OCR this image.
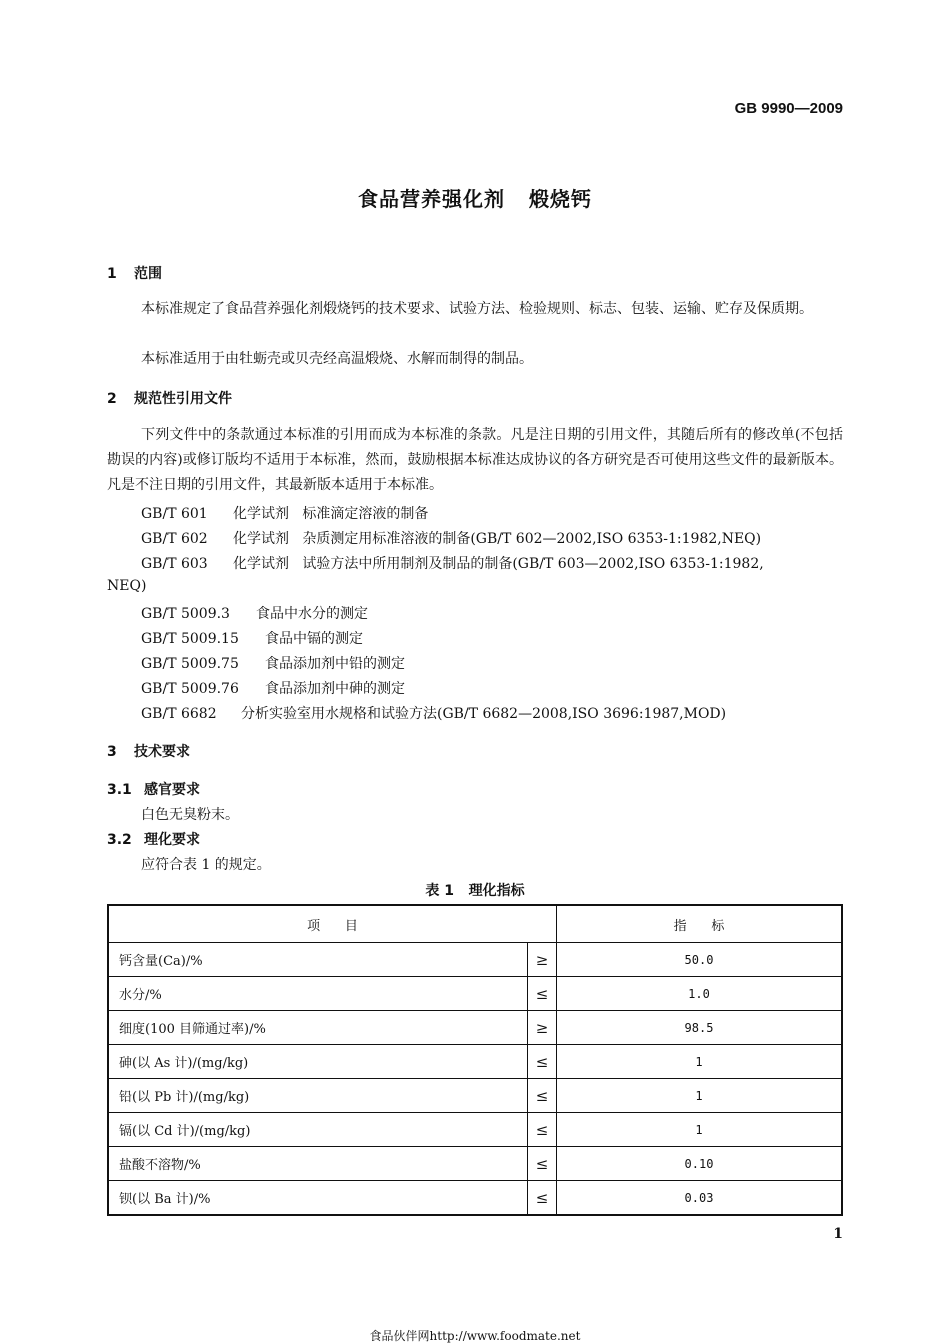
GB 9990—2009
食品营养强化剂   煅烧钙
1 范围
本标准规定了食品营养强化剂煅烧钙的技术要求、试验方法、检验规则、标志、包装、运输、贮存及保质期。
本标准适用于由牡蛎壳或贝壳经高温煅烧、水解而制得的制品。
2 规范性引用文件
下列文件中的条款通过本标准的引用而成为本标准的条款。凡是注日期的引用文件，其随后所有的修改单(不包括勘误的内容)或修订版均不适用于本标准，然而，鼓励根据本标准达成协议的各方研究是否可使用这些文件的最新版本。凡是不注日期的引用文件，其最新版本适用于本标准。
GB/T 601 化学试剂   标准滴定溶液的制备
GB/T 602 化学试剂   杂质测定用标准溶液的制备(GB/T 602—2002,ISO 6353-1:1982,NEQ)
GB/T 603 化学试剂   试验方法中所用制剂及制品的制备(GB/T 603—2002,ISO 6353-1:1982,
NEQ)
GB/T 5009.3 食品中水分的测定
GB/T 5009.15 食品中镉的测定
GB/T 5009.75 食品添加剂中铅的测定
GB/T 5009.76 食品添加剂中砷的测定
GB/T 6682 分析实验室用水规格和试验方法(GB/T 6682—2008,ISO 3696:1987,MOD)
3 技术要求
3.1 感官要求
白色无臭粉末。
3.2 理化要求
应符合表 1 的规定。
表 1   理化指标
项      目		指      标
钙含量(Ca)/%	≥	50.0
水分/%	≤	1.0
细度(100 目筛通过率)/%	≥	98.5
砷(以 As 计)/(mg/kg)	≤	1
铅(以 Pb 计)/(mg/kg)	≤	1
镉(以 Cd 计)/(mg/kg)	≤	1
盐酸不溶物/%	≤	0.10
钡(以 Ba 计)/%	≤	0.03
1
食品伙伴网http://www.foodmate.net
